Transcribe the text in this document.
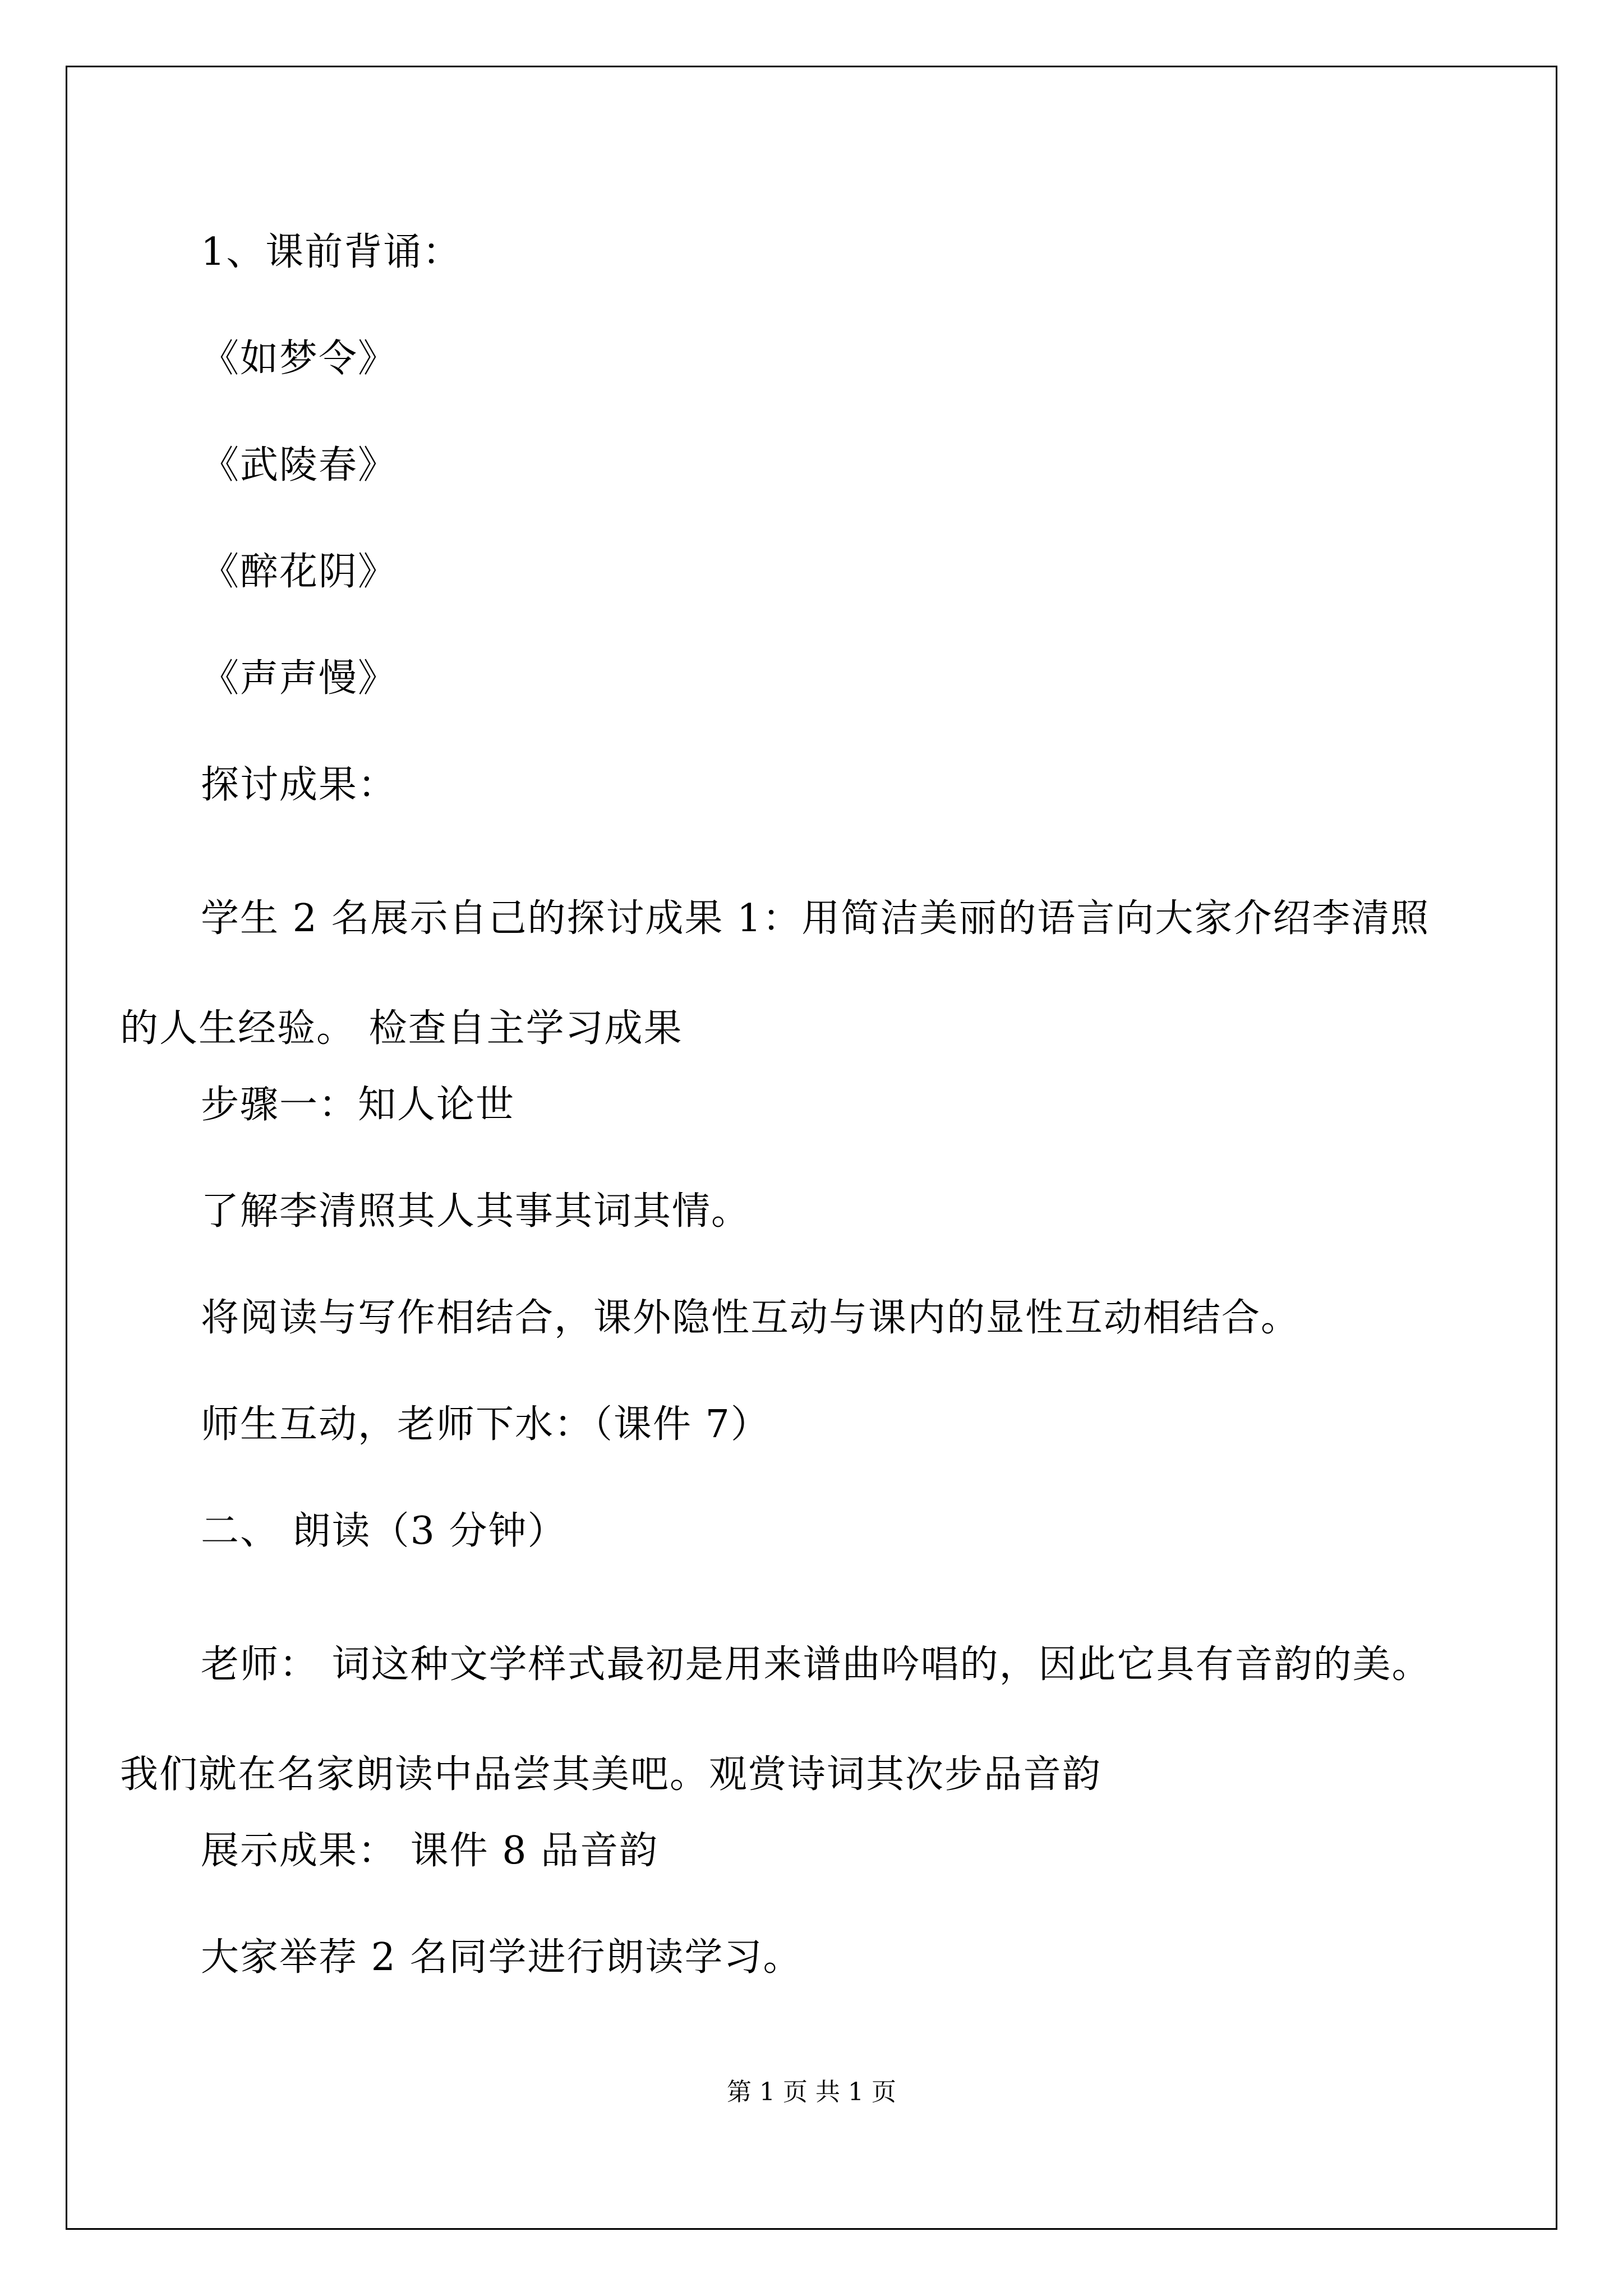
1、课前背诵：
《如梦令》
《武陵春》
《醉花阴》
《声声慢》
探讨成果：
学生 2 名展示自己的探讨成果 1：用简洁美丽的语言向大家介绍李清照的人生经验。 检查自主学习成果
步骤一：知人论世
了解李清照其人其事其词其情。
将阅读与写作相结合，课外隐性互动与课内的显性互动相结合。
师生互动，老师下水：（课件 7）
二、 朗读（3 分钟）
老师： 词这种文学样式最初是用来谱曲吟唱的，因此它具有音韵的美。我们就在名家朗读中品尝其美吧。观赏诗词其次步品音韵
展示成果： 课件 8 品音韵
大家举荐 2 名同学进行朗读学习。
第 1 页 共 1 页
